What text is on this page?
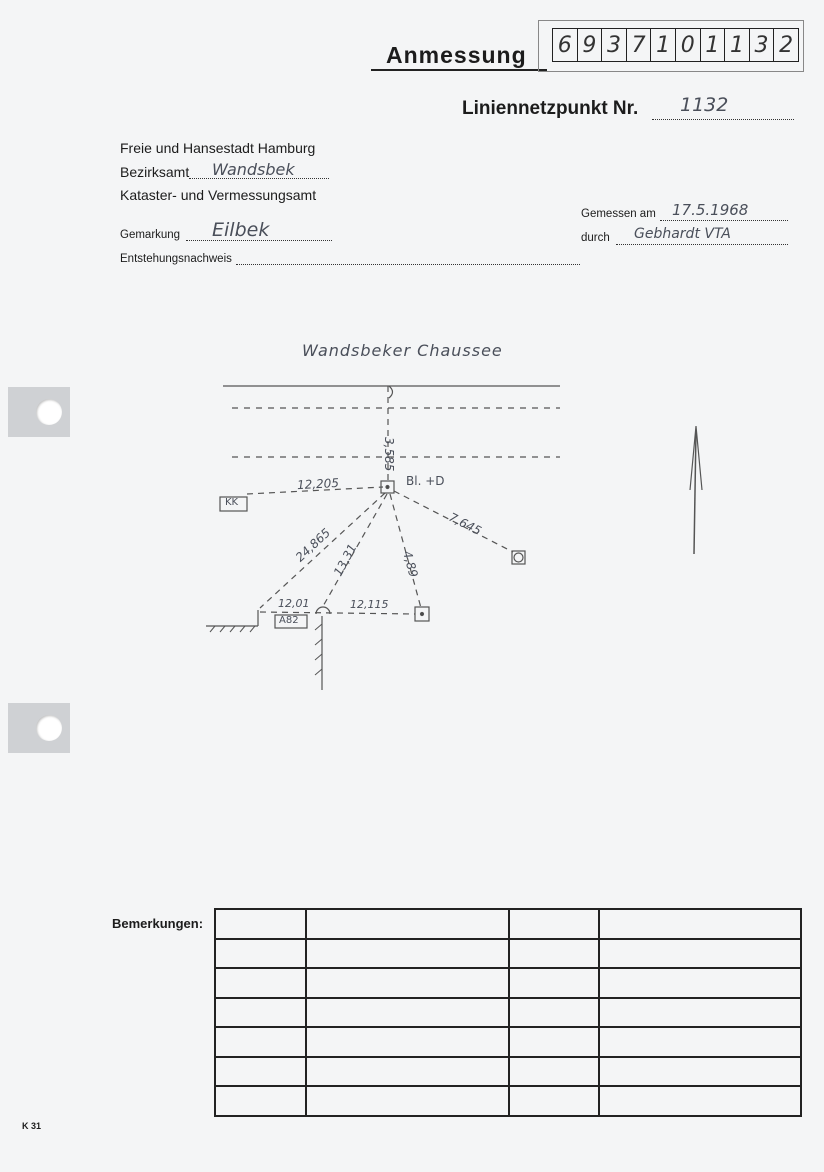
Anmessung 6 9 3 7 1 0 1 1 3 2
Liniennetzpunkt Nr. 1132
Freie und Hansestadt Hamburg
Bezirksamt Wandsbek
Kataster- und Vermessungsamt
Gemarkung Eilbek
Entstehungsnachweis
Gemessen am 17.5.1968
durch Gebhardt VTA
Wandsbeker Chaussee
3,585
Bl. +D
KK
12,205
7,645
24,865
13,31	4,89
12,01	12,115
A82
Bemerkungen:

K 31
